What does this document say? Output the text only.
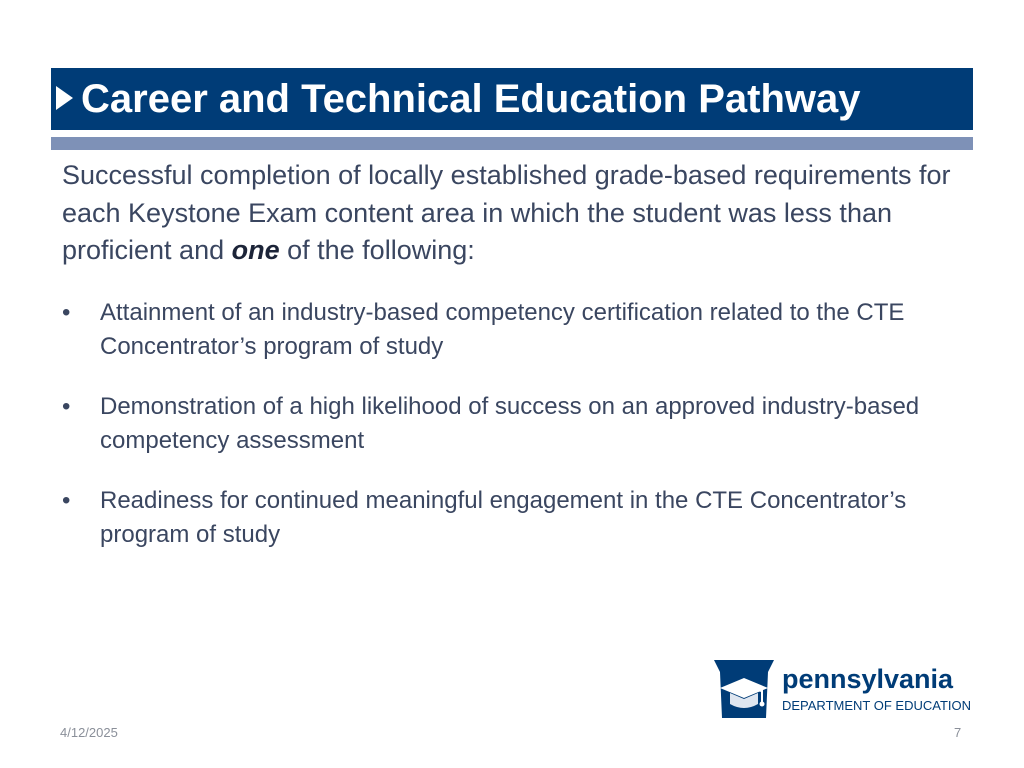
Career and Technical Education Pathway

Successful completion of locally established grade-based requirements for each Keystone Exam content area in which the student was less than proficient and one of the following:

• Attainment of an industry-based competency certification related to the CTE Concentrator’s program of study
• Demonstration of a high likelihood of success on an approved industry-based competency assessment
• Readiness for continued meaningful engagement in the CTE Concentrator’s program of study
pennsylvania
DEPARTMENT OF EDUCATION
4/12/2025	7
